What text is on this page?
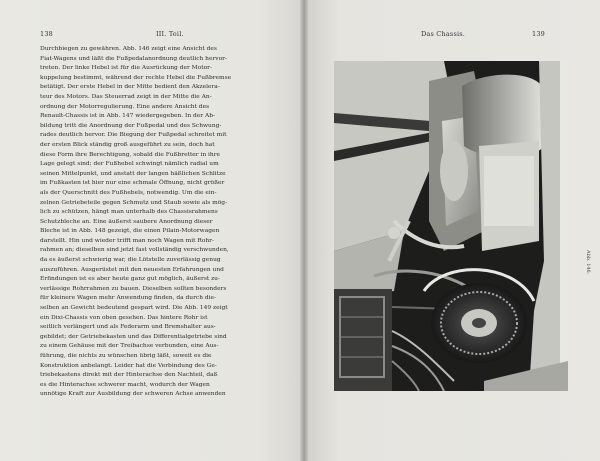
138	III. Teil.
Durchbiegen zu gewähren. Abb. 146 zeigt eine Ansicht des
Fiat-Wagens und läßt die Fußpedalanordnung deutlich hervor-
treten. Der linke Hebel ist für die Ausrückung der Motor-
kuppelung bestimmt, während der rechte Hebel die Fußbremse
betätigt. Der erste Hebel in der Mitte bedient den Akzelera-
teur des Motors. Das Steuerrad zeigt in der Mitte die An-
ordnung der Motorregulierung. Eine andere Ansicht des
Renault-Chassis ist in Abb. 147 wiedergegeben. In der Ab-
bildung tritt die Anordnung der Fußpedal und des Schwung-
rades deutlich hervor. Die Biegung der Fußpedal schreitet mit
der ersten Blick ständig groß ausgeführt zu sein, doch hat
diese Form ihre Berechtigung, sobald die Fußbretter in ihre
Lage gelegt sind; der Fußhebel schwingt nämlich radial um
seinen Mittelpunkt, und anstatt der langen häßlichen Schlitze
im Fußkasten ist hier nur eine schmale Öffnung, nicht größer
als der Querschnitt des Fußhebels, notwendig. Um die ein-
zelnen Getriebeteile gegen Schmutz und Staub sowie als mög-
lich zu schützen, hängt man unterhalb des Chassisrahmens
Schutzbleche an. Eine äußerst saubere Anordnung dieser
Bleche ist in Abb. 148 gezeigt, die einen Pilain-Motorwagen
darstellt. Hin und wieder trifft man noch Wagen mit Rohr-
rahmen an; dieselben sind jetzt fast vollständig verschwunden,
da es äußerst schwierig war, die Lötstelle zuverlässig genug
auszuführen. Ausgerüstet mit den neuesten Erfahrungen und
Erfindungen ist es aber heute ganz gut möglich, äußerst zu-
verlässige Rohrrahmen zu bauen. Dieselben sollten besonders
für kleinere Wagen mehr Anwendung finden, da durch die-
selben an Gewicht bedeutend gespart wird. Die Abb. 149 zeigt
ein Dixi-Chassis von oben gesehen. Das hintere Rohr ist
seitlich verlängert und als Federarm und Bremshalter aus-
gebildet; der Getriebekasten und das Differentialgetriebe sind
zu einem Gehäuse mit der Treibachse verbunden, eine Aus-
führung, die nichts zu wünschen übrig läßt, soweit es die
Konstruktion anbelangt. Leider hat die Verbindung des Ge-
triebekastens direkt mit der Hinterachse den Nachteil, daß
es die Hinterachse schwerer macht, wodurch der Wagen
unnötige Kraft zur Ausbildung der schweren Achse anwenden
Das Chassis.	139
Abb. 146.
